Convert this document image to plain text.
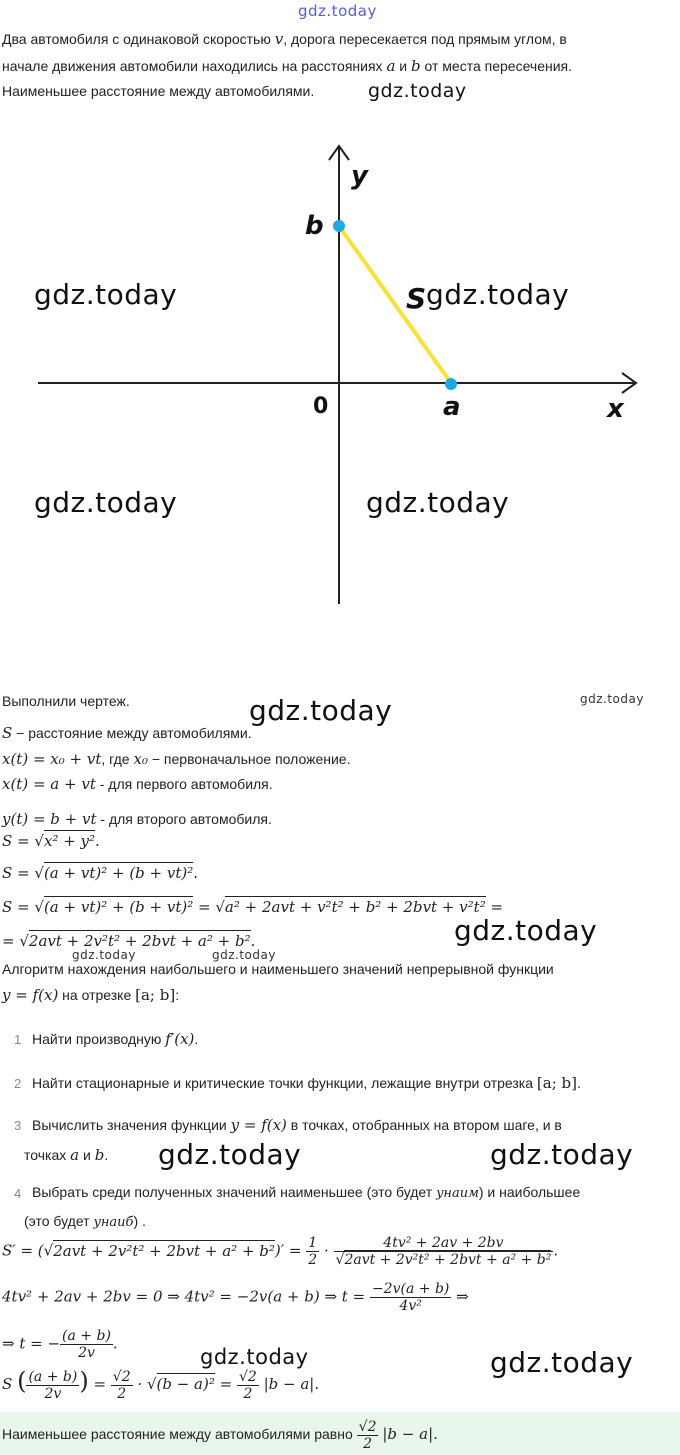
gdz.today
Два автомобиля с одинаковой скоростью v, дорога пересекается под прямым углом, в
начале движения автомобили находились на расстояниях a и b от места пересечения.
Наименьшее расстояние между автомобилями.	gdz.today
y
b
S
0	a	x
gdz.today	gdz.today
gdz.today	gdz.today
Выполнили чертеж.	gdz.today	gdz.today
S − расстояние между автомобилями.
x(t) = x₀ + vt, где x₀ − первоначальное положение.
x(t) = a + vt - для первого автомобиля.
y(t) = b + vt - для второго автомобиля.
S = √x² + y².
S = √(a + vt)² + (b + vt)².
S = √(a + vt)² + (b + vt)² = √a² + 2avt + v²t² + b² + 2bvt + v²t² =
= √2avt + 2v²t² + 2bvt + a² + b².	gdz.today
gdz.today	gdz.today
Алгоритм нахождения наибольшего и наименьшего значений непрерывной функции
y = f(x) на отрезке [a; b]:
1 Найти производную f′(x).
2 Найти стационарные и критические точки функции, лежащие внутри отрезка [a; b].
3 Вычислить значения функции y = f(x) в точках, отобранных на втором шаге, и в
точках a и b. gdz.today	gdz.today
4 Выбрать среди полученных значений наименьшее (это будет yнаим) и наибольшее
(это будет yнаиб) .
$S' = (√2avt + 2v^2t^2 + 2bvt + a^2 + b^2)' = \frac{1}{2} \cdot \frac{\text{4tv² + 2av + 2bv}}{\text{√2avt + 2v²t² + 2bvt + a² + b²}}$ .
4tv² + 2av + 2bv = 0 ⇒ 4tv² = −2v(a + b) ⇒ $t = \frac{-2v(a + b)}{\text{4v²}}$ ⇒
⇒ t = − $\frac{(a + b)}{2v}$ .
gdz.today	gdz.today
S ( $\frac{(a + b)}{2v}$ ) = $\frac{√2}{2} \cdot √(b - a)^2 = \frac{√2}{2} |b - a|$.
Наименьшее расстояние между автомобилями равно $\frac{√2}{2} |b - a|$.
